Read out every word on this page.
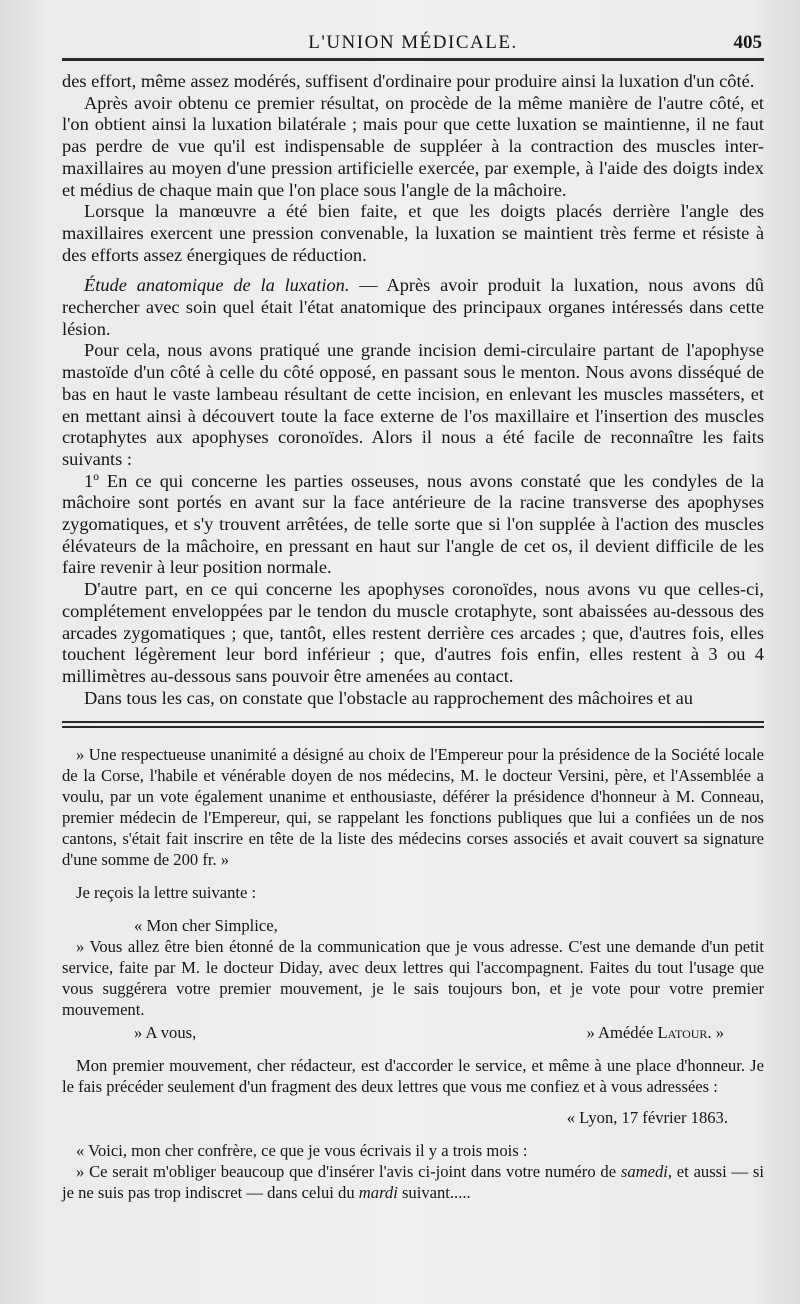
L'UNION MÉDICALE.	405

des effort, même assez modérés, suffisent d'ordinaire pour produire ainsi la luxation d'un côté.

Après avoir obtenu ce premier résultat, on procède de la même manière de l'autre côté, et l'on obtient ainsi la luxation bilatérale ; mais pour que cette luxation se maintienne, il ne faut pas perdre de vue qu'il est indispensable de suppléer à la contraction des muscles inter-maxillaires au moyen d'une pression artificielle exercée, par exemple, à l'aide des doigts index et médius de chaque main que l'on place sous l'angle de la mâchoire.

Lorsque la manœuvre a été bien faite, et que les doigts placés derrière l'angle des maxillaires exercent une pression convenable, la luxation se maintient très ferme et résiste à des efforts assez énergiques de réduction.

Étude anatomique de la luxation. — Après avoir produit la luxation, nous avons dû rechercher avec soin quel était l'état anatomique des principaux organes intéressés dans cette lésion.

Pour cela, nous avons pratiqué une grande incision demi-circulaire partant de l'apophyse mastoïde d'un côté à celle du côté opposé, en passant sous le menton. Nous avons disséqué de bas en haut le vaste lambeau résultant de cette incision, en enlevant les muscles masséters, et en mettant ainsi à découvert toute la face externe de l'os maxillaire et l'insertion des muscles crotaphytes aux apophyses coronoïdes. Alors il nous a été facile de reconnaître les faits suivants :

1º En ce qui concerne les parties osseuses, nous avons constaté que les condyles de la mâchoire sont portés en avant sur la face antérieure de la racine transverse des apophyses zygomatiques, et s'y trouvent arrêtées, de telle sorte que si l'on supplée à l'action des muscles élévateurs de la mâchoire, en pressant en haut sur l'angle de cet os, il devient difficile de les faire revenir à leur position normale.

D'autre part, en ce qui concerne les apophyses coronoïdes, nous avons vu que celles-ci, complétement enveloppées par le tendon du muscle crotaphyte, sont abaissées au-dessous des arcades zygomatiques ; que, tantôt, elles restent derrière ces arcades ; que, d'autres fois, elles touchent légèrement leur bord inférieur ; que, d'autres fois enfin, elles restent à 3 ou 4 millimètres au-dessous sans pouvoir être amenées au contact.

Dans tous les cas, on constate que l'obstacle au rapprochement des mâchoires et au

» Une respectueuse unanimité a désigné au choix de l'Empereur pour la présidence de la Société locale de la Corse, l'habile et vénérable doyen de nos médecins, M. le docteur Versini, père, et l'Assemblée a voulu, par un vote également unanime et enthousiaste, déférer la présidence d'honneur à M. Conneau, premier médecin de l'Empereur, qui, se rappelant les fonctions publiques que lui a confiées un de nos cantons, s'était fait inscrire en tête de la liste des médecins corses associés et avait couvert sa signature d'une somme de 200 fr. »

Je reçois la lettre suivante :

« Mon cher Simplice,

» Vous allez être bien étonné de la communication que je vous adresse. C'est une demande d'un petit service, faite par M. le docteur Diday, avec deux lettres qui l'accompagnent. Faites du tout l'usage que vous suggérera votre premier mouvement, je le sais toujours bon, et je vote pour votre premier mouvement.

» A vous,	» Amédée Latour. »

Mon premier mouvement, cher rédacteur, est d'accorder le service, et même à une place d'honneur. Je le fais précéder seulement d'un fragment des deux lettres que vous me confiez et à vous adressées :

« Lyon, 17 février 1863.

« Voici, mon cher confrère, ce que je vous écrivais il y a trois mois :

» Ce serait m'obliger beaucoup que d'insérer l'avis ci-joint dans votre numéro de samedi, et aussi — si je ne suis pas trop indiscret — dans celui du mardi suivant.....
